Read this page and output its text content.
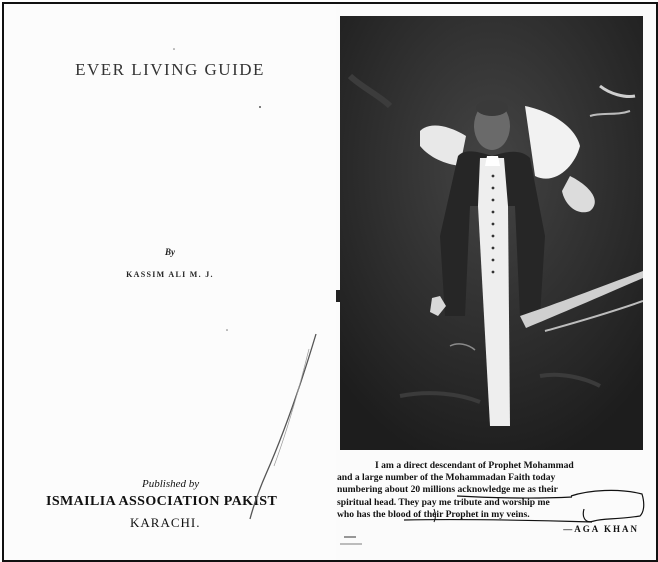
EVER LIVING GUIDE
By
KASSIM ALI M. J.
Published by
ISMAILIA ASSOCIATION PAKIST
KARACHI.
I am a direct descendant of Prophet Mohammad
and a large number of the Mohammadan Faith today
numbering about 20 millions acknowledge me as their
spiritual head. They pay me tribute and worship me
who has the blood of their Prophet in my veins.
—AGA KHAN
